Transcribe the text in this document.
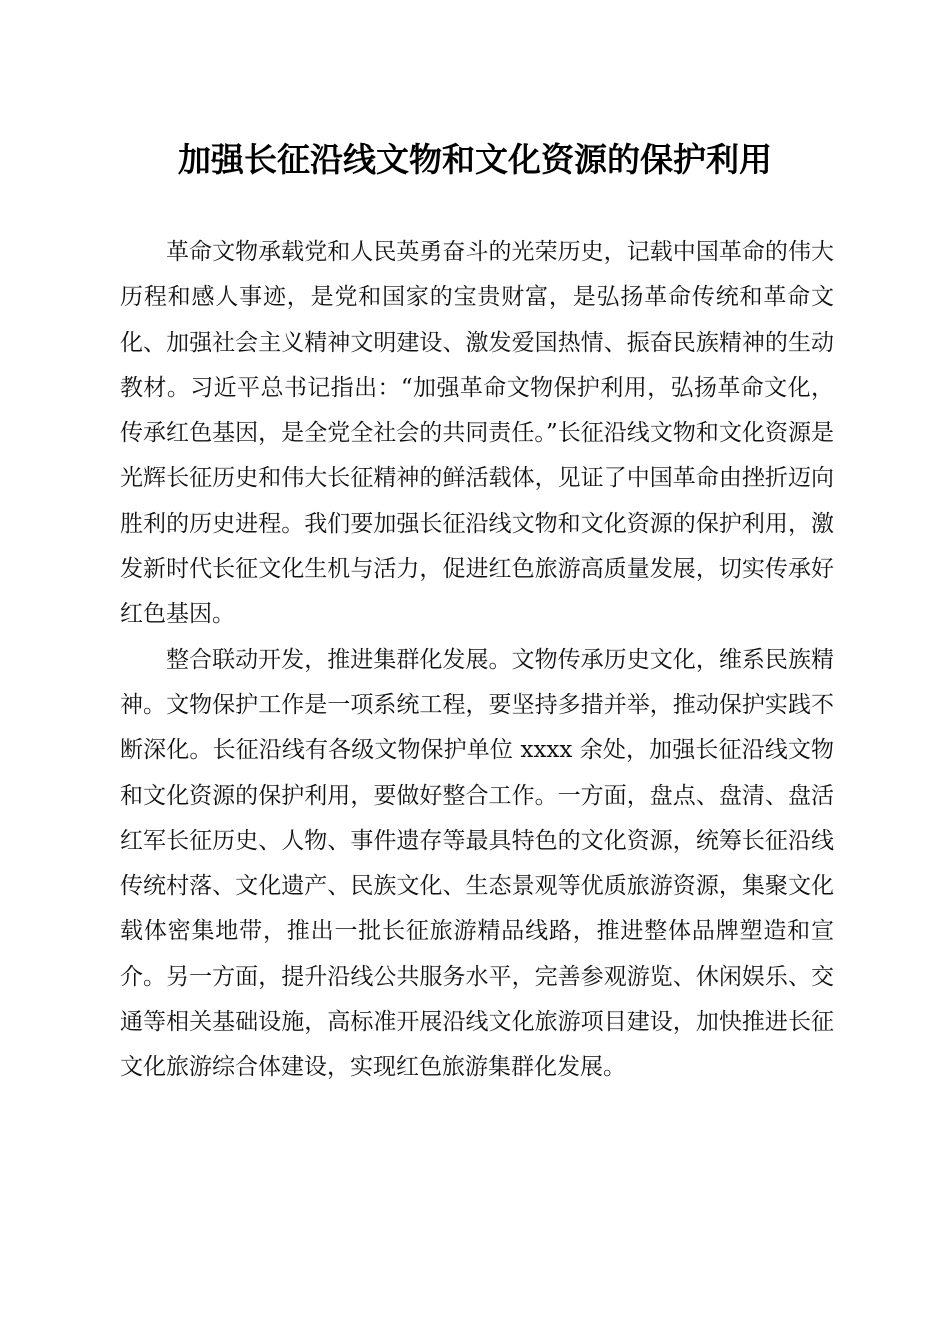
加强长征沿线文物和文化资源的保护利用

革命文物承载党和人民英勇奋斗的光荣历史，记载中国革命的伟大历程和感人事迹，是党和国家的宝贵财富，是弘扬革命传统和革命文化、加强社会主义精神文明建设、激发爱国热情、振奋民族精神的生动教材。习近平总书记指出：“加强革命文物保护利用，弘扬革命文化，传承红色基因，是全党全社会的共同责任。”长征沿线文物和文化资源是光辉长征历史和伟大长征精神的鲜活载体，见证了中国革命由挫折迈向胜利的历史进程。我们要加强长征沿线文物和文化资源的保护利用，激发新时代长征文化生机与活力，促进红色旅游高质量发展，切实传承好红色基因。

整合联动开发，推进集群化发展。文物传承历史文化，维系民族精神。文物保护工作是一项系统工程，要坚持多措并举，推动保护实践不断深化。长征沿线有各级文物保护单位 xxxx 余处，加强长征沿线文物和文化资源的保护利用，要做好整合工作。一方面，盘点、盘清、盘活红军长征历史、人物、事件遗存等最具特色的文化资源，统筹长征沿线传统村落、文化遗产、民族文化、生态景观等优质旅游资源，集聚文化载体密集地带，推出一批长征旅游精品线路，推进整体品牌塑造和宣介。另一方面，提升沿线公共服务水平，完善参观游览、休闲娱乐、交通等相关基础设施，高标准开展沿线文化旅游项目建设，加快推进长征文化旅游综合体建设，实现红色旅游集群化发展。
